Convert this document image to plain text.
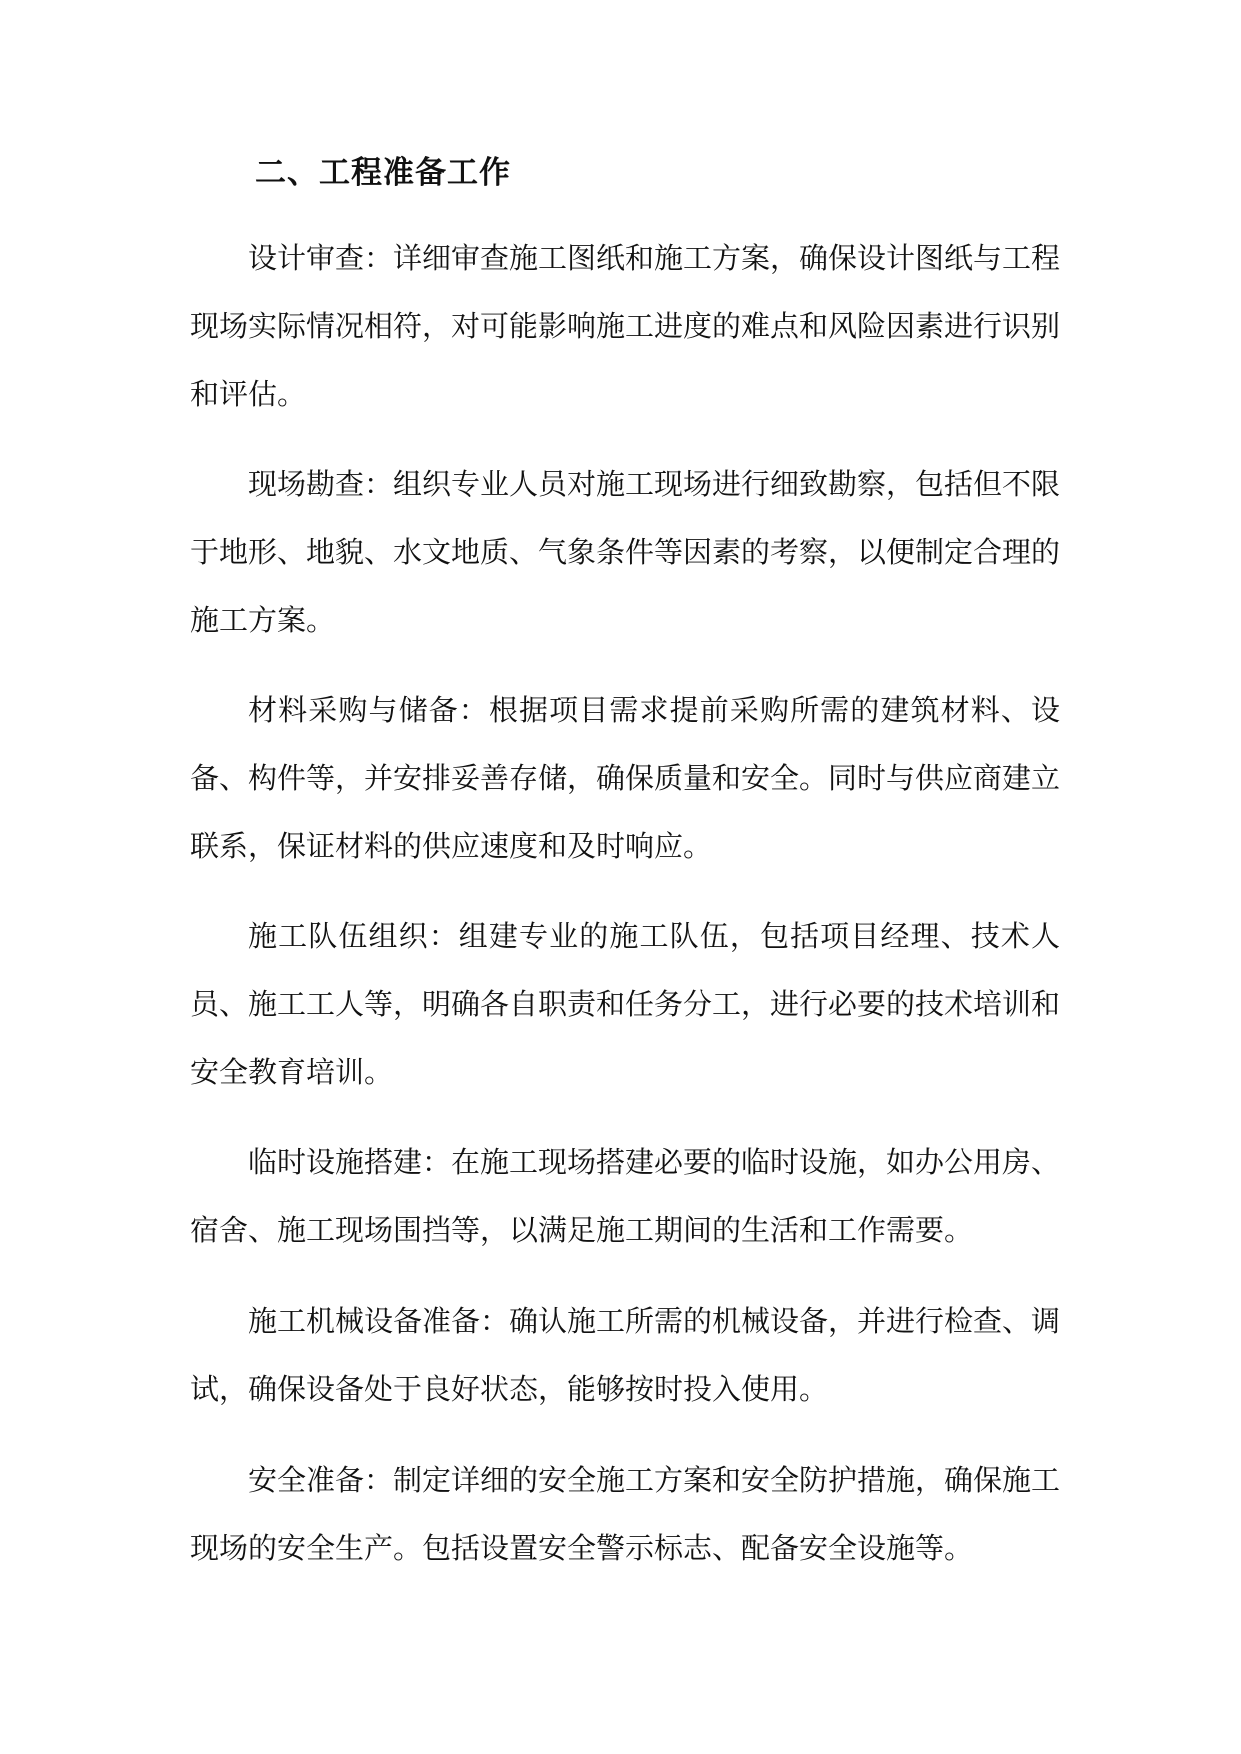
二、工程准备工作

设计审查：详细审查施工图纸和施工方案，确保设计图纸与工程现场实际情况相符，对可能影响施工进度的难点和风险因素进行识别和评估。

现场勘查：组织专业人员对施工现场进行细致勘察，包括但不限于地形、地貌、水文地质、气象条件等因素的考察，以便制定合理的施工方案。

材料采购与储备：根据项目需求提前采购所需的建筑材料、设备、构件等，并安排妥善存储，确保质量和安全。同时与供应商建立联系，保证材料的供应速度和及时响应。

施工队伍组织：组建专业的施工队伍，包括项目经理、技术人员、施工工人等，明确各自职责和任务分工，进行必要的技术培训和安全教育培训。

临时设施搭建：在施工现场搭建必要的临时设施，如办公用房、宿舍、施工现场围挡等，以满足施工期间的生活和工作需要。

施工机械设备准备：确认施工所需的机械设备，并进行检查、调试，确保设备处于良好状态，能够按时投入使用。

安全准备：制定详细的安全施工方案和安全防护措施，确保施工现场的安全生产。包括设置安全警示标志、配备安全设施等。
